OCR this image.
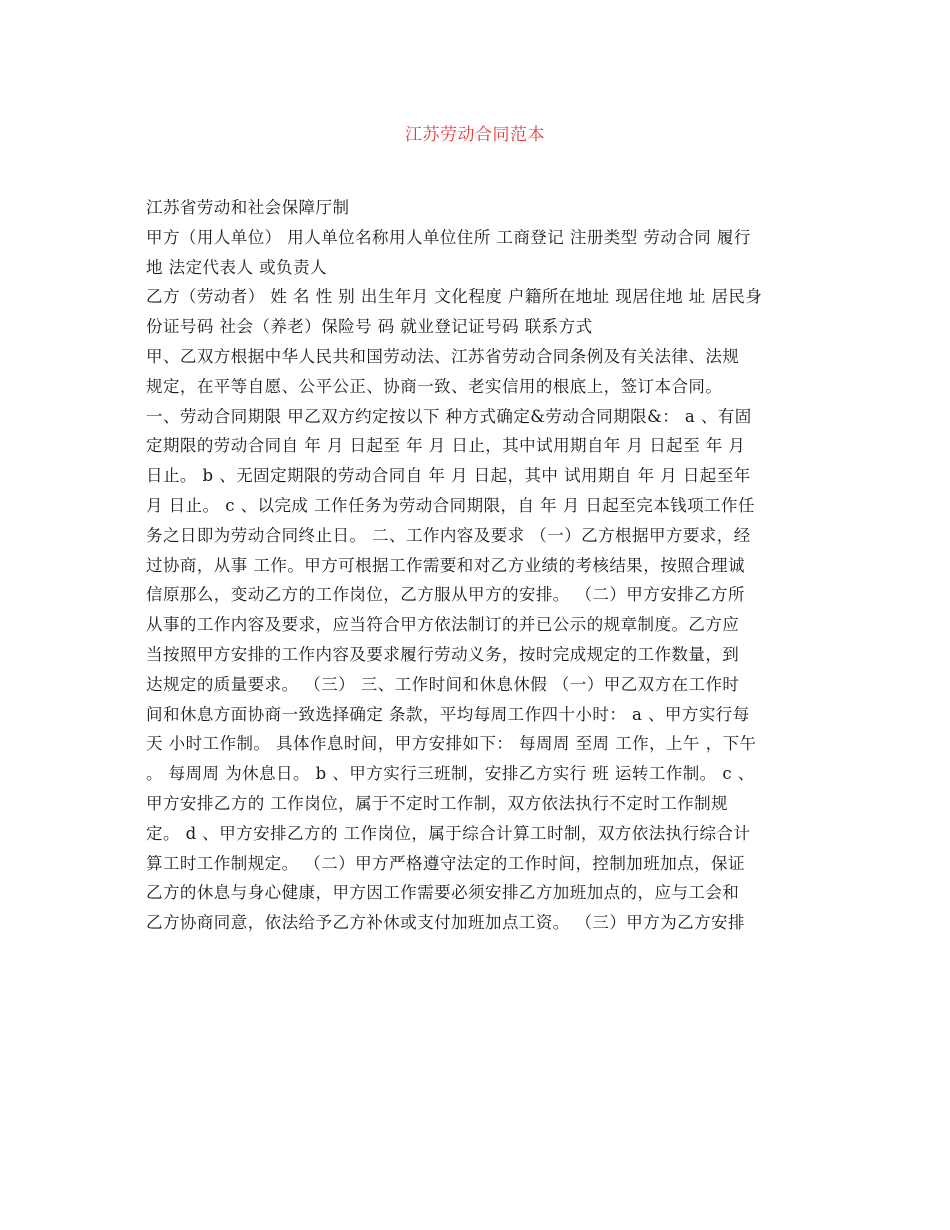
江苏劳动合同范本
江苏省劳动和社会保障厅制
甲方（用人单位） 用人单位名称用人单位住所 工商登记 注册类型 劳动合同 履行
地 法定代表人 或负责人
乙方（劳动者） 姓 名 性 别 出生年月 文化程度 户籍所在地址 现居住地 址 居民身
份证号码 社会（养老）保险号 码 就业登记证号码 联系方式
甲、乙双方根据中华人民共和国劳动法、江苏省劳动合同条例及有关法律、法规
规定，在平等自愿、公平公正、协商一致、老实信用的根底上，签订本合同。
一、劳动合同期限 甲乙双方约定按以下 种方式确定&劳动合同期限&： a 、有固
定期限的劳动合同自 年 月 日起至 年 月 日止，其中试用期自年 月 日起至 年 月
日止。 b 、无固定期限的劳动合同自 年 月 日起，其中 试用期自 年 月 日起至年
月 日止。 c 、以完成 工作任务为劳动合同期限，自 年 月 日起至完本钱项工作任
务之日即为劳动合同终止日。 二、工作内容及要求 （一）乙方根据甲方要求，经
过协商，从事 工作。甲方可根据工作需要和对乙方业绩的考核结果，按照合理诚
信原那么，变动乙方的工作岗位，乙方服从甲方的安排。 （二）甲方安排乙方所
从事的工作内容及要求，应当符合甲方依法制订的并已公示的规章制度。乙方应
当按照甲方安排的工作内容及要求履行劳动义务，按时完成规定的工作数量，到
达规定的质量要求。 （三） 三、工作时间和休息休假 （一）甲乙双方在工作时
间和休息方面协商一致选择确定 条款，平均每周工作四十小时： a 、甲方实行每
天 小时工作制。 具体作息时间，甲方安排如下： 每周周 至周 工作，上午 ，下午
。 每周周 为休息日。 b 、甲方实行三班制，安排乙方实行 班 运转工作制。 c 、
甲方安排乙方的 工作岗位，属于不定时工作制，双方依法执行不定时工作制规
定。 d 、甲方安排乙方的 工作岗位，属于综合计算工时制，双方依法执行综合计
算工时工作制规定。 （二）甲方严格遵守法定的工作时间，控制加班加点，保证
乙方的休息与身心健康，甲方因工作需要必须安排乙方加班加点的，应与工会和
乙方协商同意，依法给予乙方补休或支付加班加点工资。 （三）甲方为乙方安排
